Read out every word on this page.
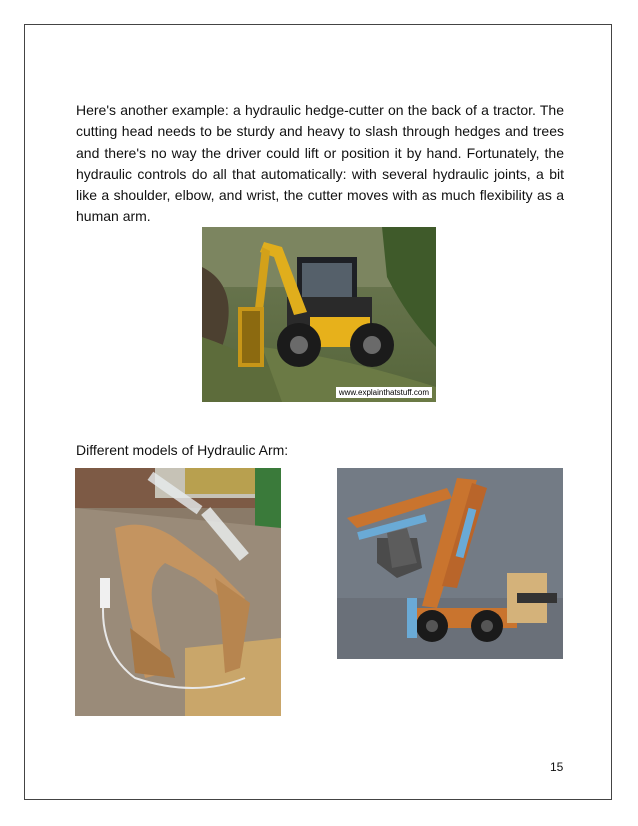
Here's another example: a hydraulic hedge-cutter on the back of a tractor. The cutting head needs to be sturdy and heavy to slash through hedges and trees and there's no way the driver could lift or position it by hand. Fortunately, the hydraulic controls do all that automatically: with several hydraulic joints, a bit like a shoulder, elbow, and wrist, the cutter moves with as much flexibility as a human arm.

www.explainthatstuff.com

Different models of Hydraulic Arm:

15
